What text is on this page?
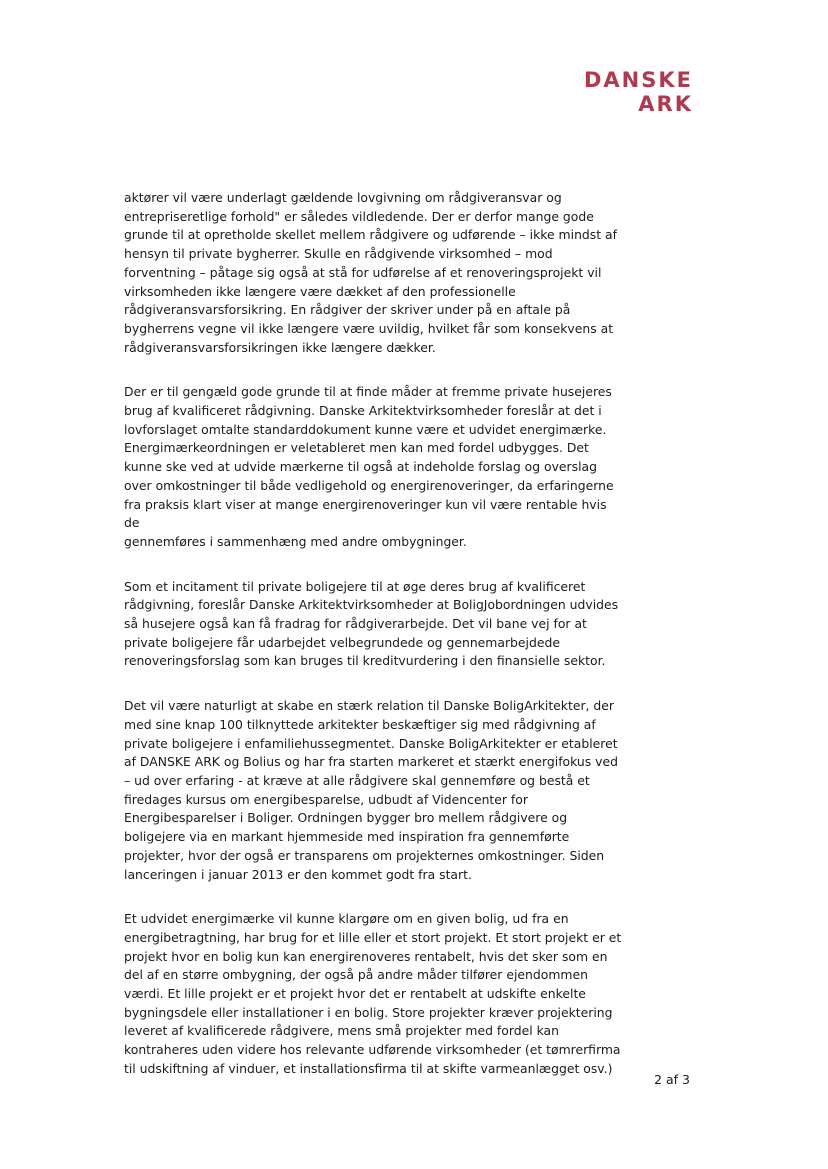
DANSKE
ARK

aktører vil være underlagt gældende lovgivning om rådgiveransvar og
entrepriseretlige forhold" er således vildledende. Der er derfor mange gode
grunde til at opretholde skellet mellem rådgivere og udførende – ikke mindst af
hensyn til private bygherrer. Skulle en rådgivende virksomhed – mod
forventning – påtage sig også at stå for udførelse af et renoveringsprojekt vil
virksomheden ikke længere være dækket af den professionelle
rådgiveransvarsforsikring. En rådgiver der skriver under på en aftale på
bygherrens vegne vil ikke længere være uvildig, hvilket får som konsekvens at
rådgiveransvarsforsikringen ikke længere dækker.

Der er til gengæld gode grunde til at finde måder at fremme private husejeres
brug af kvalificeret rådgivning. Danske Arkitektvirksomheder foreslår at det i
lovforslaget omtalte standarddokument kunne være et udvidet energimærke.
Energimærkeordningen er veletableret men kan med fordel udbygges. Det
kunne ske ved at udvide mærkerne til også at indeholde forslag og overslag
over omkostninger til både vedligehold og energirenoveringer, da erfaringerne
fra praksis klart viser at mange energirenoveringer kun vil være rentable hvis de
gennemføres i sammenhæng med andre ombygninger.

Som et incitament til private boligejere til at øge deres brug af kvalificeret
rådgivning, foreslår Danske Arkitektvirksomheder at BoligJobordningen udvides
så husejere også kan få fradrag for rådgiverarbejde. Det vil bane vej for at
private boligejere får udarbejdet velbegrundede og gennemarbejdede
renoveringsforslag som kan bruges til kreditvurdering i den finansielle sektor.

Det vil være naturligt at skabe en stærk relation til Danske BoligArkitekter, der
med sine knap 100 tilknyttede arkitekter beskæftiger sig med rådgivning af
private boligejere i enfamiliehussegmentet. Danske BoligArkitekter er etableret
af DANSKE ARK og Bolius og har fra starten markeret et stærkt energifokus ved
– ud over erfaring - at kræve at alle rådgivere skal gennemføre og bestå et
firedages kursus om energibesparelse, udbudt af Videncenter for
Energibesparelser i Boliger. Ordningen bygger bro mellem rådgivere og
boligejere via en markant hjemmeside med inspiration fra gennemførte
projekter, hvor der også er transparens om projekternes omkostninger. Siden
lanceringen i januar 2013 er den kommet godt fra start.

Et udvidet energimærke vil kunne klargøre om en given bolig, ud fra en
energibetragtning, har brug for et lille eller et stort projekt. Et stort projekt er et
projekt hvor en bolig kun kan energirenoveres rentabelt, hvis det sker som en
del af en større ombygning, der også på andre måder tilfører ejendommen
værdi. Et lille projekt er et projekt hvor det er rentabelt at udskifte enkelte
bygningsdele eller installationer i en bolig. Store projekter kræver projektering
leveret af kvalificerede rådgivere, mens små projekter med fordel kan
kontraheres uden videre hos relevante udførende virksomheder (et tømrerfirma
til udskiftning af vinduer, et installationsfirma til at skifte varmeanlægget osv.)

2 af 3
